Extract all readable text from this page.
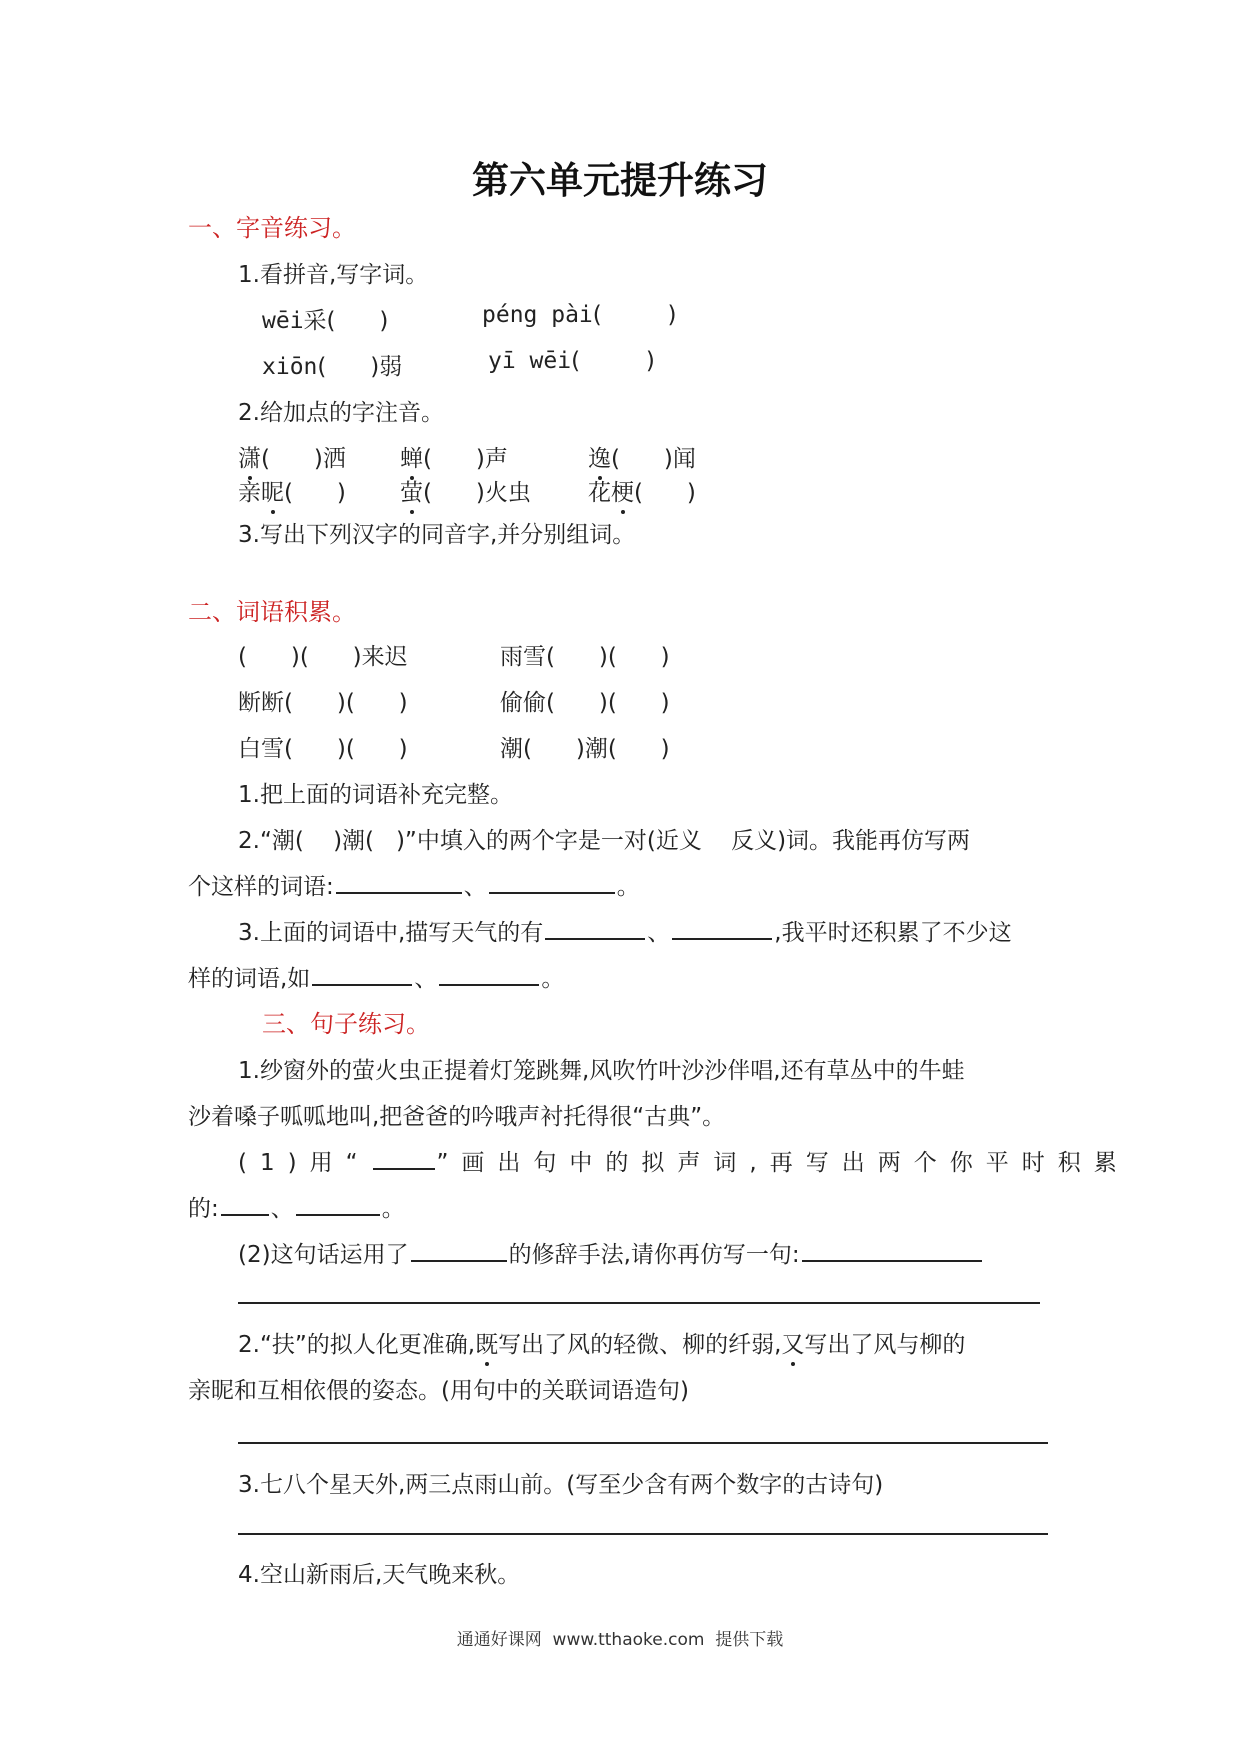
第六单元提升练习
一、字音练习。
1.看拼音,写字词。
wēi采(      )	péng pài(         )
xiōn(      )弱	yī wēi(         )
2.给加点的字注音。
潇(      )洒 蝉(      )声	逸(      )闻
亲昵(      ) 萤(      )火虫 花梗(      )
3.写出下列汉字的同音字,并分别组词。
二、词语积累。
(      )(      )来迟	雨雪(      )(      )
断断(      )(      )	偷偷(      )(      )
白雪(      )(      )	潮(      )潮(      )
1.把上面的词语补充完整。
2.“潮(    )潮(   )”中填入的两个字是一对(近义    反义)词。我能再仿写两
个这样的词语:	、	。
3.上面的词语中,描写天气的有	、	,我平时还积累了不少这
样的词语,如	、	。
三、句子练习。
1.纱窗外的萤火虫正提着灯笼跳舞,风吹竹叶沙沙伴唱,还有草丛中的牛蛙
沙着嗓子呱呱地叫,把爸爸的吟哦声衬托得很“古典”。
(1)用“	”画出句中的拟声词,再写出两个你平时积累
的: 、	。
(2)这句话运用了	的修辞手法,请你再仿写一句:
2.“扶”的拟人化更准确,既写出了风的轻微、柳的纤弱,又写出了风与柳的
亲昵和互相依偎的姿态。(用句中的关联词语造句)
3.七八个星天外,两三点雨山前。(写至少含有两个数字的古诗句)
4.空山新雨后,天气晚来秋。
通通好课网  www.tthaoke.com  提供下载
